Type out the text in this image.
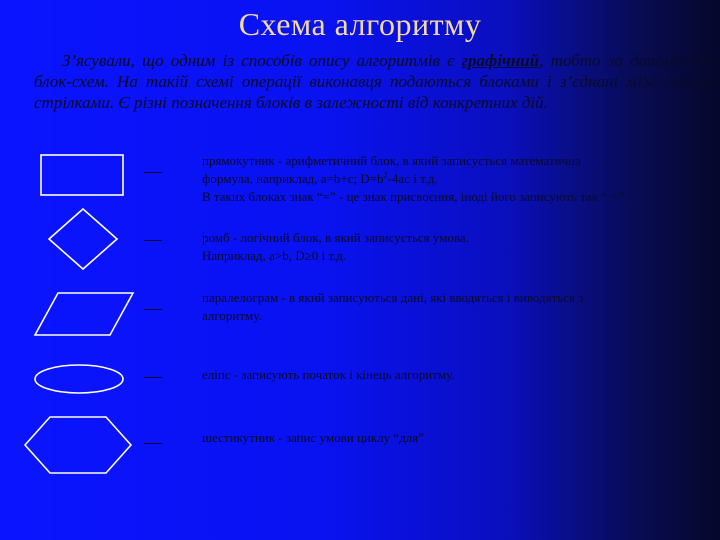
Схема алгоритму
З’ясували, що одним із способів опису алгоритмів є графічний, тобто за допомогою блок-схем. На такій схемі операції виконавця подаються блоками і з’єднані між собою стрілками. Є різні позначення блоків в залежності від конкретних дій.
прямокутник - арифметичний блок, в який записується математична
формула, наприклад, a=b+c; $D=b^2-4ac$ і т.д.
В таких блоках знак “=” - це знак присвоєння, іноді його записують так “:=”.
ромб - логічний блок, в який записується умова.
Наприклад, a>b, D≥0 і т.д.
паралелограм - в який записуються дані, які вводяться і виводяться з
алгоритму.
еліпс - записують початок і кінець алгоритму.
шестикутник - запис умови циклу “для”
